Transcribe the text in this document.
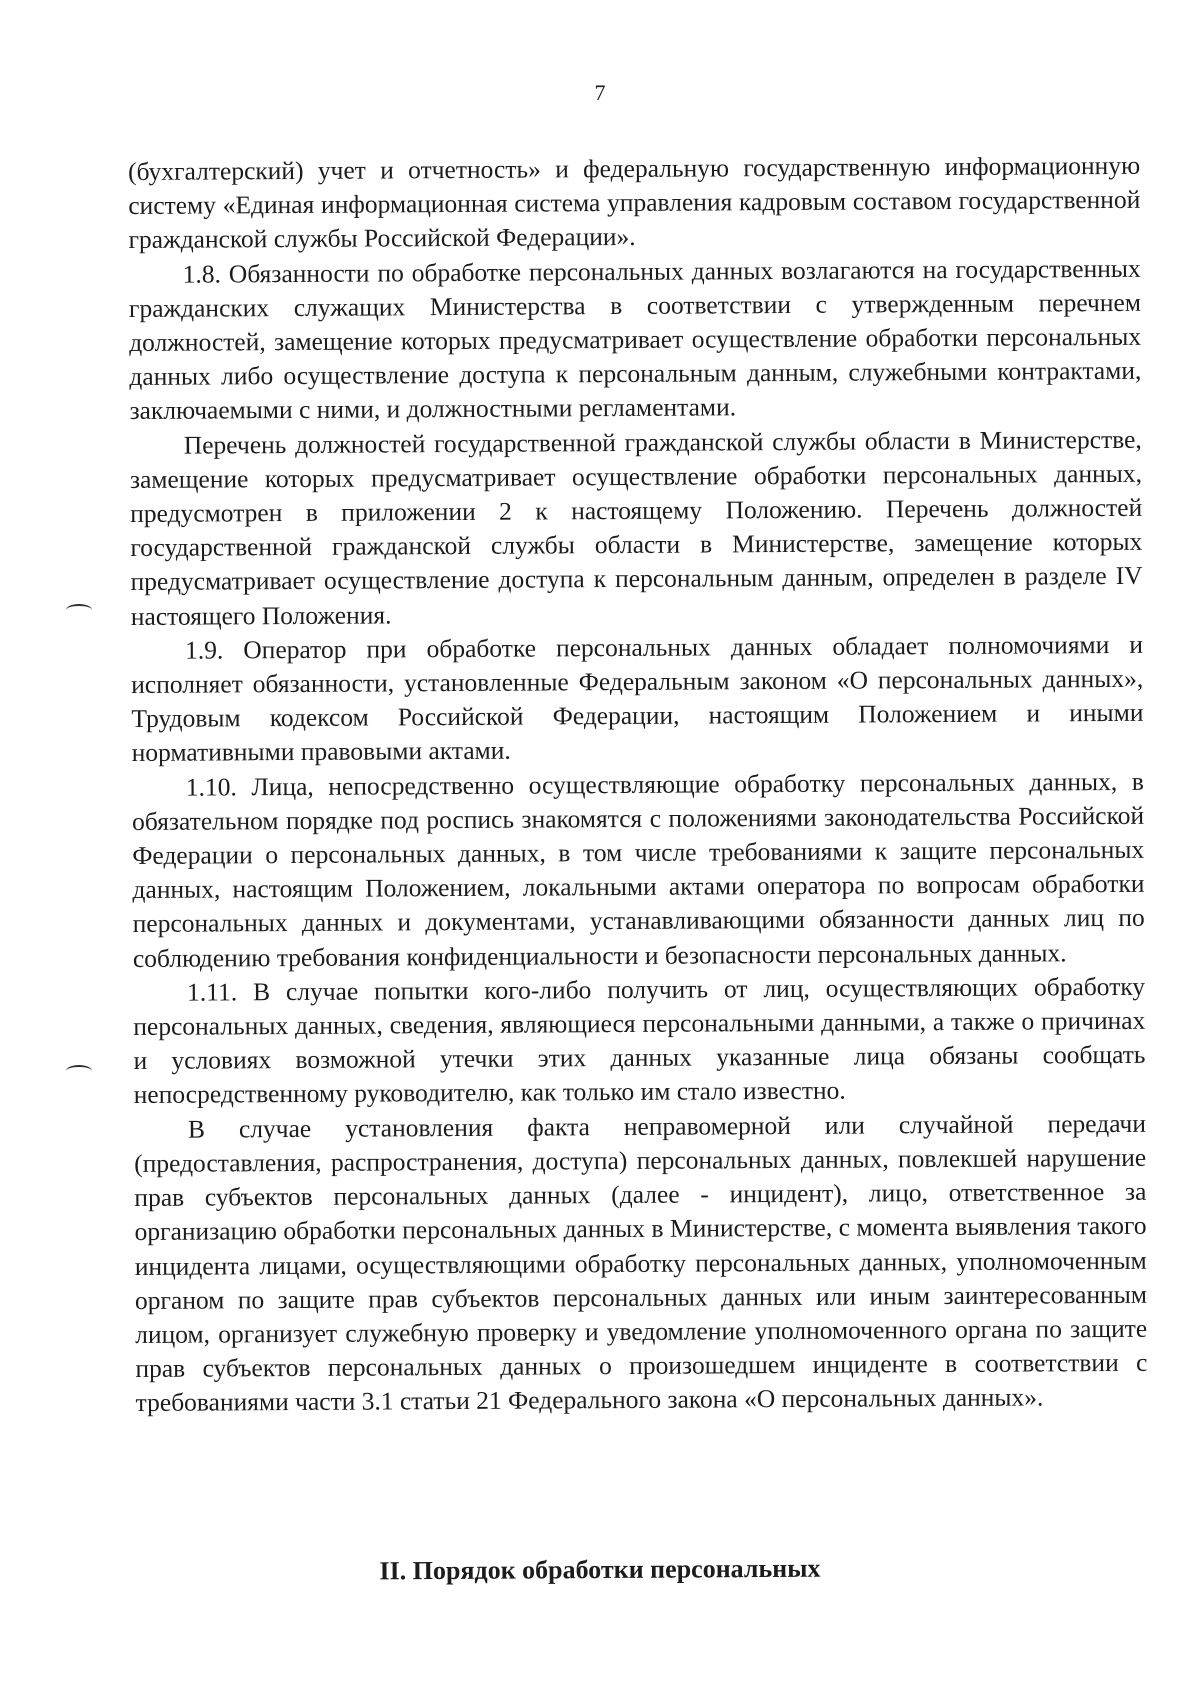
7

(бухгалтерский) учет и отчетность» и федеральную государственную информационную систему «Единая информационная система управления кадровым составом государственной гражданской службы Российской Федерации».

1.8. Обязанности по обработке персональных данных возлагаются на государственных гражданских служащих Министерства в соответствии с утвержденным перечнем должностей, замещение которых предусматривает осуществление обработки персональных данных либо осуществление доступа к персональным данным, служебными контрактами, заключаемыми с ними, и должностными регламентами.

Перечень должностей государственной гражданской службы области в Министерстве, замещение которых предусматривает осуществление обработки персональных данных, предусмотрен в приложении 2 к настоящему Положению. Перечень должностей государственной гражданской службы области в Министерстве, замещение которых предусматривает осуществление доступа к персональным данным, определен в разделе IV настоящего Положения.

1.9. Оператор при обработке персональных данных обладает полномочиями и исполняет обязанности, установленные Федеральным законом «О персональных данных», Трудовым кодексом Российской Федерации, настоящим Положением и иными нормативными правовыми актами.

1.10. Лица, непосредственно осуществляющие обработку персональных данных, в обязательном порядке под роспись знакомятся с положениями законодательства Российской Федерации о персональных данных, в том числе требованиями к защите персональных данных, настоящим Положением, локальными актами оператора по вопросам обработки персональных данных и документами, устанавливающими обязанности данных лиц по соблюдению требования конфиденциальности и безопасности персональных данных.

1.11. В случае попытки кого-либо получить от лиц, осуществляющих обработку персональных данных, сведения, являющиеся персональными данными, а также о причинах и условиях возможной утечки этих данных указанные лица обязаны сообщать непосредственному руководителю, как только им стало известно.

В случае установления факта неправомерной или случайной передачи (предоставления, распространения, доступа) персональных данных, повлекшей нарушение прав субъектов персональных данных (далее - инцидент), лицо, ответственное за организацию обработки персональных данных в Министерстве, с момента выявления такого инцидента лицами, осуществляющими обработку персональных данных, уполномоченным органом по защите прав субъектов персональных данных или иным заинтересованным лицом, организует служебную проверку и уведомление уполномоченного органа по защите прав субъектов персональных данных о произошедшем инциденте в соответствии с требованиями части 3.1 статьи 21 Федерального закона «О персональных данных».

II. Порядок обработки персональных
